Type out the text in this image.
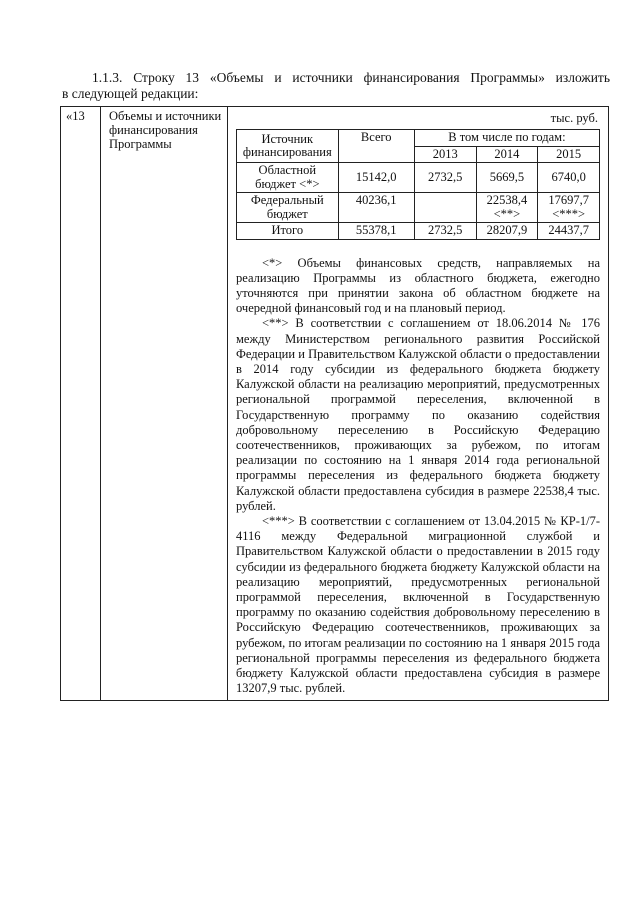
1.1.3. Строку 13 «Объемы и источники финансирования Программы» изложить
в следующей редакции:
«13	Объемы и источники финансирования Программы	
тыс. руб.
Источник финансирования	Всего	В том числе по годам:
2013	2014	2015
Областной бюджет <*>	15142,0	2732,5	5669,5	6740,0
Федеральный бюджет	40236,1		22538,4 <**>	17697,7 <***>
Итого	55378,1	2732,5	28207,9	24437,7

<*> Объемы финансовых средств, направляемых на реализацию Программы из областного бюджета, ежегодно уточняются при принятии закона об областном бюджете на очередной финансовый год и на плановый период.

<**> В соответствии с соглашением от 18.06.2014 № 176 между Министерством регионального развития Российской Федерации и Правительством Калужской области о предоставлении в 2014 году субсидии из федерального бюджета бюджету Калужской области на реализацию мероприятий, предусмотренных региональной программой переселения, включенной в Государственную программу по оказанию содействия добровольному переселению в Российскую Федерацию соотечественников, проживающих за рубежом, по итогам реализации по состоянию на 1 января 2014 года региональной программы переселения из федерального бюджета бюджету Калужской области предоставлена субсидия в размере 22538,4 тыс. рублей.

<***> В соответствии с соглашением от 13.04.2015 № КР-1/7-4116 между Федеральной миграционной службой и Правительством Калужской области о предоставлении в 2015 году субсидии из федерального бюджета бюджету Калужской области на реализацию мероприятий, предусмотренных региональной программой переселения, включенной в Государственную программу по оказанию содействия добровольному переселению в Российскую Федерацию соотечественников, проживающих за рубежом, по итогам реализации по состоянию на 1 января 2015 года региональной программы переселения из федерального бюджета бюджету Калужской области предоставлена субсидия в размере 13207,9 тыс. рублей.
